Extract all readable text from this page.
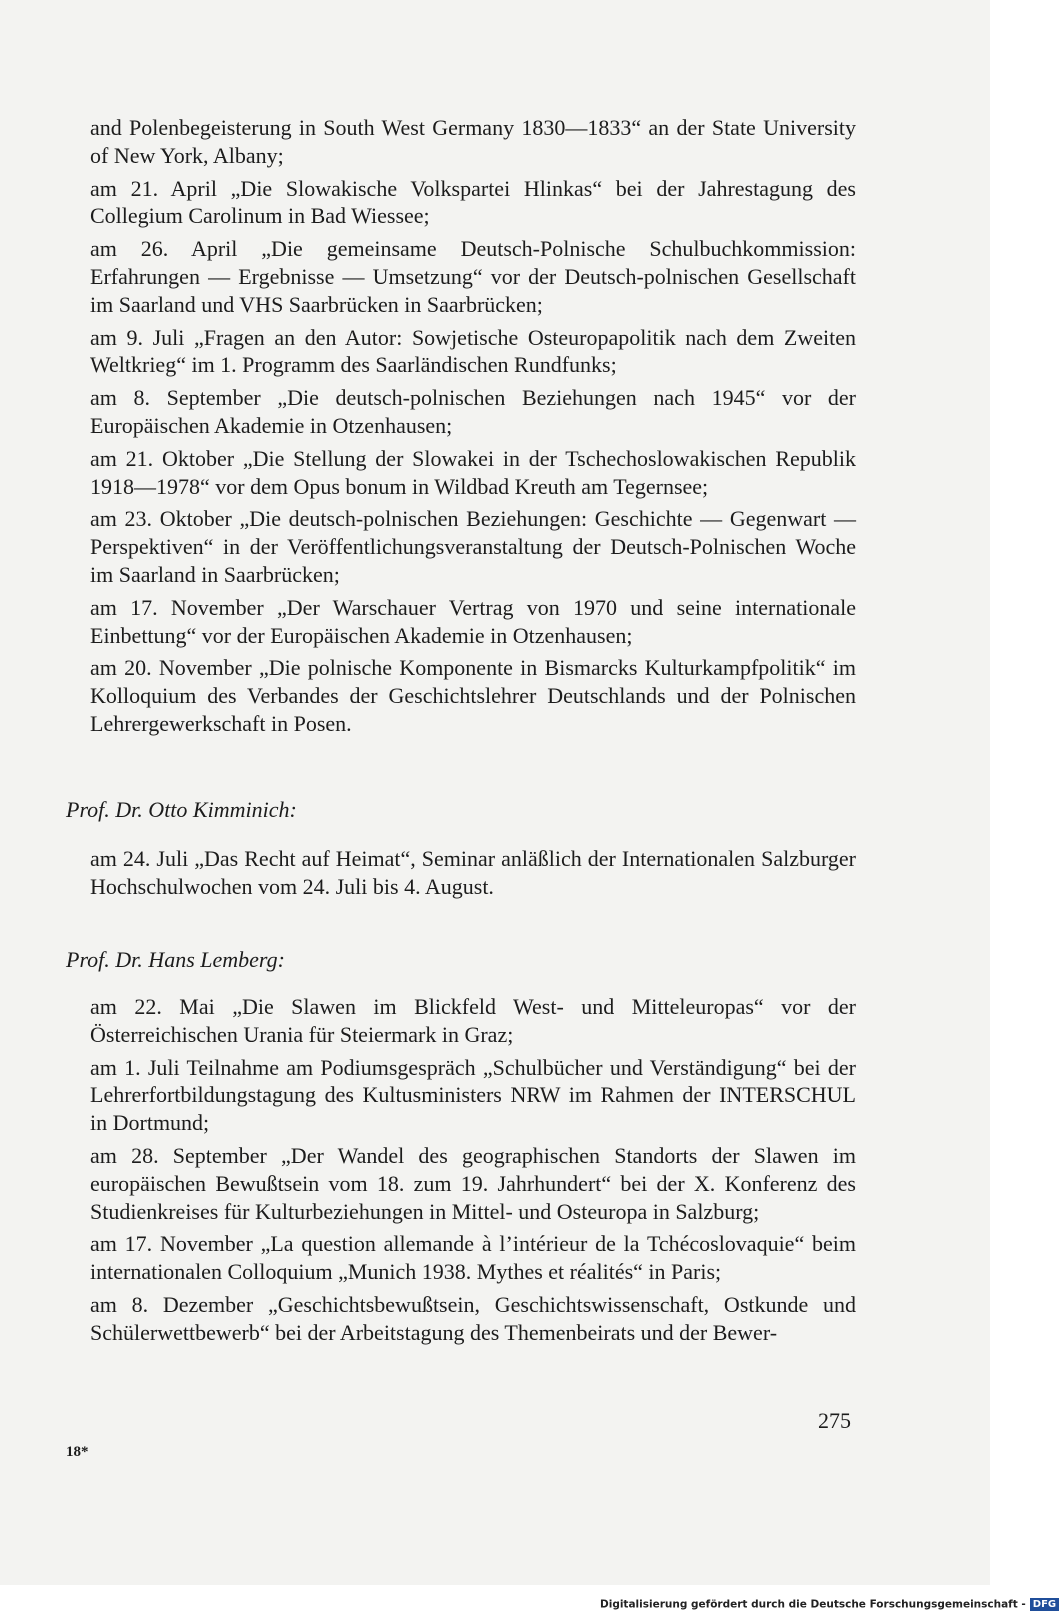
and Polenbegeisterung in South West Germany 1830—1833“ an der State University of New York, Albany;

am 21. April „Die Slowakische Volkspartei Hlinkas“ bei der Jahrestagung des Collegium Carolinum in Bad Wiessee;

am 26. April „Die gemeinsame Deutsch-Polnische Schulbuchkommission: Erfahrungen — Ergebnisse — Umsetzung“ vor der Deutsch-polnischen Gesellschaft im Saarland und VHS Saarbrücken in Saarbrücken;

am 9. Juli „Fragen an den Autor: Sowjetische Osteuropapolitik nach dem Zweiten Weltkrieg“ im 1. Programm des Saarländischen Rundfunks;

am 8. September „Die deutsch-polnischen Beziehungen nach 1945“ vor der Europäischen Akademie in Otzenhausen;

am 21. Oktober „Die Stellung der Slowakei in der Tschechoslowakischen Republik 1918—1978“ vor dem Opus bonum in Wildbad Kreuth am Tegernsee;

am 23. Oktober „Die deutsch-polnischen Beziehungen: Geschichte — Gegenwart — Perspektiven“ in der Veröffentlichungsveranstaltung der Deutsch-Polnischen Woche im Saarland in Saarbrücken;

am 17. November „Der Warschauer Vertrag von 1970 und seine internationale Einbettung“ vor der Europäischen Akademie in Otzenhausen;

am 20. November „Die polnische Komponente in Bismarcks Kulturkampfpolitik“ im Kolloquium des Verbandes der Geschichtslehrer Deutschlands und der Polnischen Lehrergewerkschaft in Posen.

Prof. Dr. Otto Kimminich:

am 24. Juli „Das Recht auf Heimat“, Seminar anläßlich der Internationalen Salzburger Hochschulwochen vom 24. Juli bis 4. August.

Prof. Dr. Hans Lemberg:

am 22. Mai „Die Slawen im Blickfeld West- und Mitteleuropas“ vor der Österreichischen Urania für Steiermark in Graz;

am 1. Juli Teilnahme am Podiumsgespräch „Schulbücher und Verständigung“ bei der Lehrerfortbildungstagung des Kultusministers NRW im Rahmen der INTERSCHUL in Dortmund;

am 28. September „Der Wandel des geographischen Standorts der Slawen im europäischen Bewußtsein vom 18. zum 19. Jahrhundert“ bei der X. Konferenz des Studienkreises für Kulturbeziehungen in Mittel- und Osteuropa in Salzburg;

am 17. November „La question allemande à l’intérieur de la Tchécoslovaquie“ beim internationalen Colloquium „Munich 1938. Mythes et réalités“ in Paris;

am 8. Dezember „Geschichtsbewußtsein, Geschichtswissenschaft, Ostkunde und Schülerwettbewerb“ bei der Arbeitstagung des Themenbeirats und der Bewer-

275
18*
Digitalisierung gefördert durch die Deutsche Forschungsgemeinschaft - DFG
